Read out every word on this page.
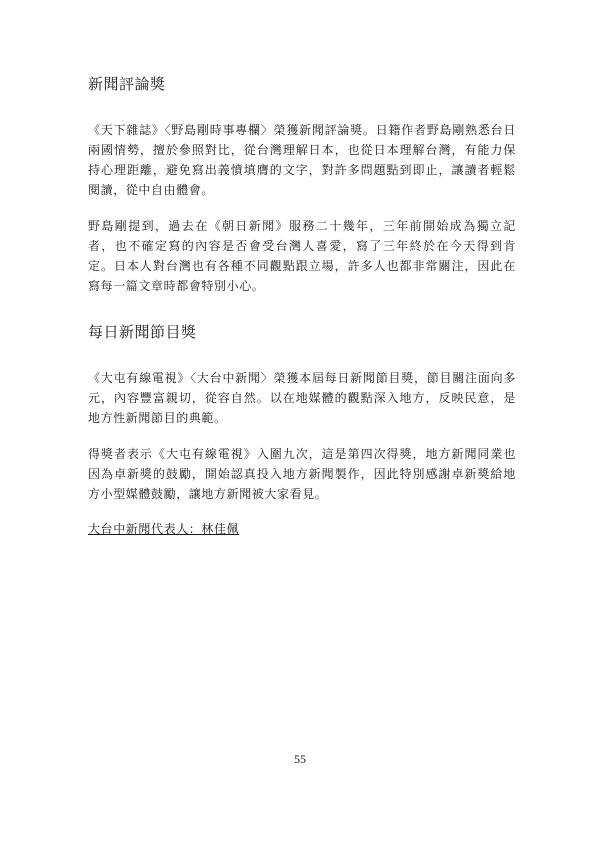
新聞評論獎

《天下雜誌》〈野島剛時事專欄〉榮獲新聞評論獎。日籍作者野島剛熟悉台日兩國情勢，擅於參照對比，從台灣理解日本，也從日本理解台灣，有能力保持心理距離，避免寫出義憤填膺的文字，對許多問題點到即止，讓讀者輕鬆閱讀，從中自由體會。

野島剛提到，過去在《朝日新聞》服務二十幾年，三年前開始成為獨立記者，也不確定寫的內容是否會受台灣人喜愛，寫了三年終於在今天得到肯定。日本人對台灣也有各種不同觀點跟立場，許多人也都非常關注，因此在寫每一篇文章時都會特別小心。

每日新聞節目獎

《大屯有線電視》〈大台中新聞〉榮獲本屆每日新聞節目獎，節目關注面向多元，內容豐富親切，從容自然。以在地媒體的觀點深入地方，反映民意，是地方性新聞節目的典範。

得獎者表示《大屯有線電視》入圍九次，這是第四次得獎，地方新聞同業也因為卓新獎的鼓勵，開始認真投入地方新聞製作，因此特別感謝卓新獎給地方小型媒體鼓勵，讓地方新聞被大家看見。

大台中新聞代表人：林佳佩

55
